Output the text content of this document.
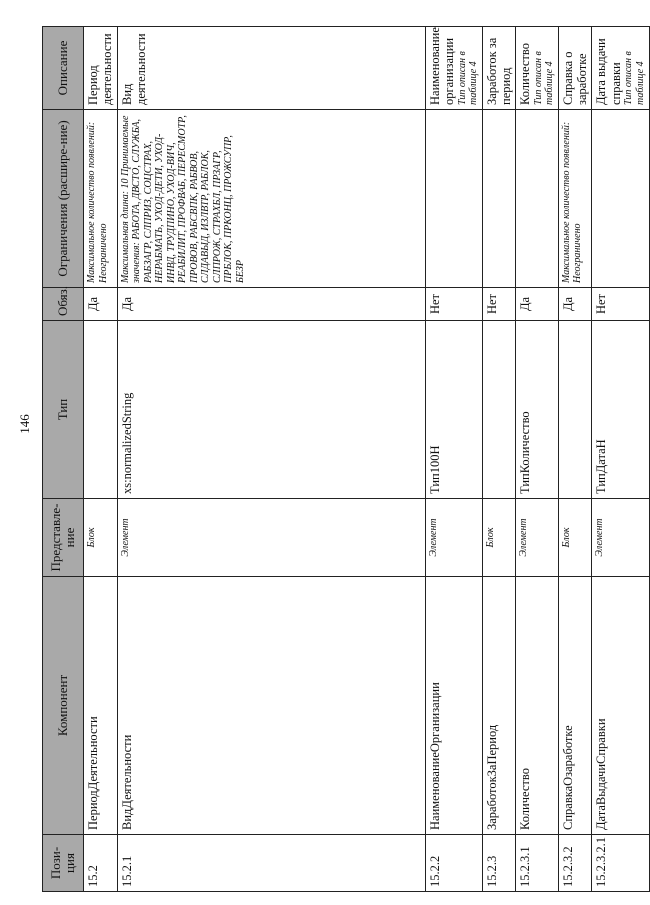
146
Пози-ция	Компонент	Представле-ние	Тип	Обяз.	Ограничения (расшире-ние)	Описание
15.2	ПериодДеятельности	Блок		Да	Максимальное количество появлений: Неограничено	Период деятельности
15.2.1	ВидДеятельности	Элемент	xs:normalizedString	Да	Максимальная длина: 10 Принимаемые значения: РАБОТА, ДВСТО, СЛУЖБА, РАБЗАГР, СЛПРИЗ, СОЦСТРАХ, НЕРАБМАТЬ, УХОД-ДЕТИ, УХОД-ИНВД, ТРУДПИНО, УХОД-ВИЧ, РЕАБИЛИТ, ПРОФВАБ, ПЕРЕСМОТР, ПРОВОВ, РАБСВПК, РАБВОВ, СЛДАВЫД, ИЗЛВТР, РАБЛОК, СЛПРОЖ, СТРАХБЛ, ПРЗАГР, ПРБЛОК, ПРКОНЦ, ПРОЖСУПР, БЕЗР	Вид деятельности
15.2.2	НаименованиеОрганизации	Элемент	Тип100Н	Нет		Наименование организации Тип описан в таблице 4

15.2.3	ЗаработокЗаПериод	Блок		Нет		Заработок за период
15.2.3.1	Количество	Элемент	ТипКоличество	Да		Количество Тип описан в таблице 4

15.2.3.2	СправкаОзаработке	Блок		Да	Максимальное количество появлений: Неограничено	Справка о заработке
15.2.3.2.1	ДатаВыдачиСправки	Элемент	ТипДатаН	Нет		Дата выдачи справки Тип описан в таблице 4
